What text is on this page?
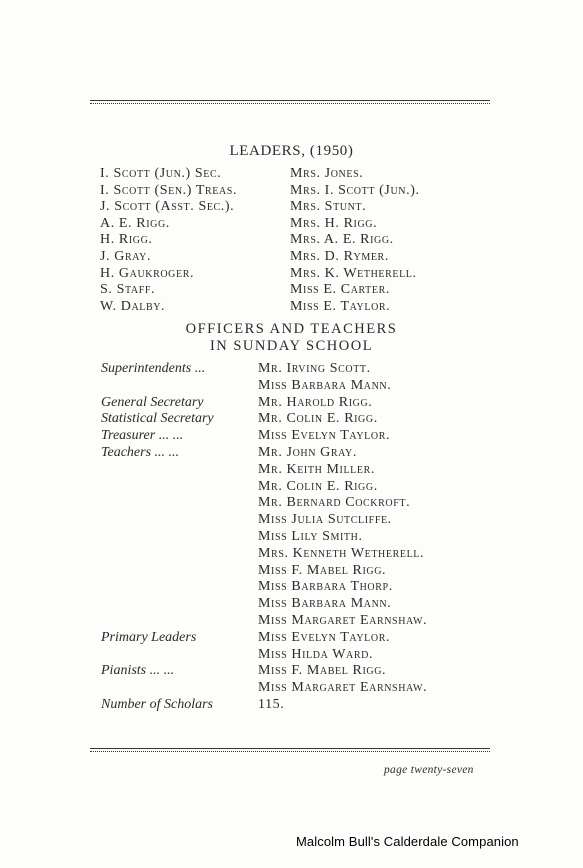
LEADERS, (1950)
I. Scott (Jun.) Sec.	Mrs. Jones.
I. Scott (Sen.) Treas.	Mrs. I. Scott (Jun.).
J. Scott (Asst. Sec.).	Mrs. Stunt.
A. E. Rigg.	Mrs. H. Rigg.
H. Rigg.	Mrs. A. E. Rigg.
J. Gray.	Mrs. D. Rymer.
H. Gaukroger.	Mrs. K. Wetherell.
S. Staff.	Miss E. Carter.
W. Dalby.	Miss E. Taylor.
OFFICERS AND TEACHERS
IN SUNDAY SCHOOL
Superintendents ...	Mr. Irving Scott.
Miss Barbara Mann.
General Secretary	Mr. Harold Rigg.
Statistical Secretary	Mr. Colin E. Rigg.
Treasurer ... ...	Miss Evelyn Taylor.
Teachers ... ...	Mr. John Gray.
Mr. Keith Miller.
Mr. Colin E. Rigg.
Mr. Bernard Cockroft.
Miss Julia Sutcliffe.
Miss Lily Smith.
Mrs. Kenneth Wetherell.
Miss F. Mabel Rigg.
Miss Barbara Thorp.
Miss Barbara Mann.
Miss Margaret Earnshaw.
Primary Leaders	Miss Evelyn Taylor.
Miss Hilda Ward.
Pianists ... ...	Miss F. Mabel Rigg.
Miss Margaret Earnshaw.
Number of Scholars	115.
page twenty-seven
Malcolm Bull's Calderdale Companion
